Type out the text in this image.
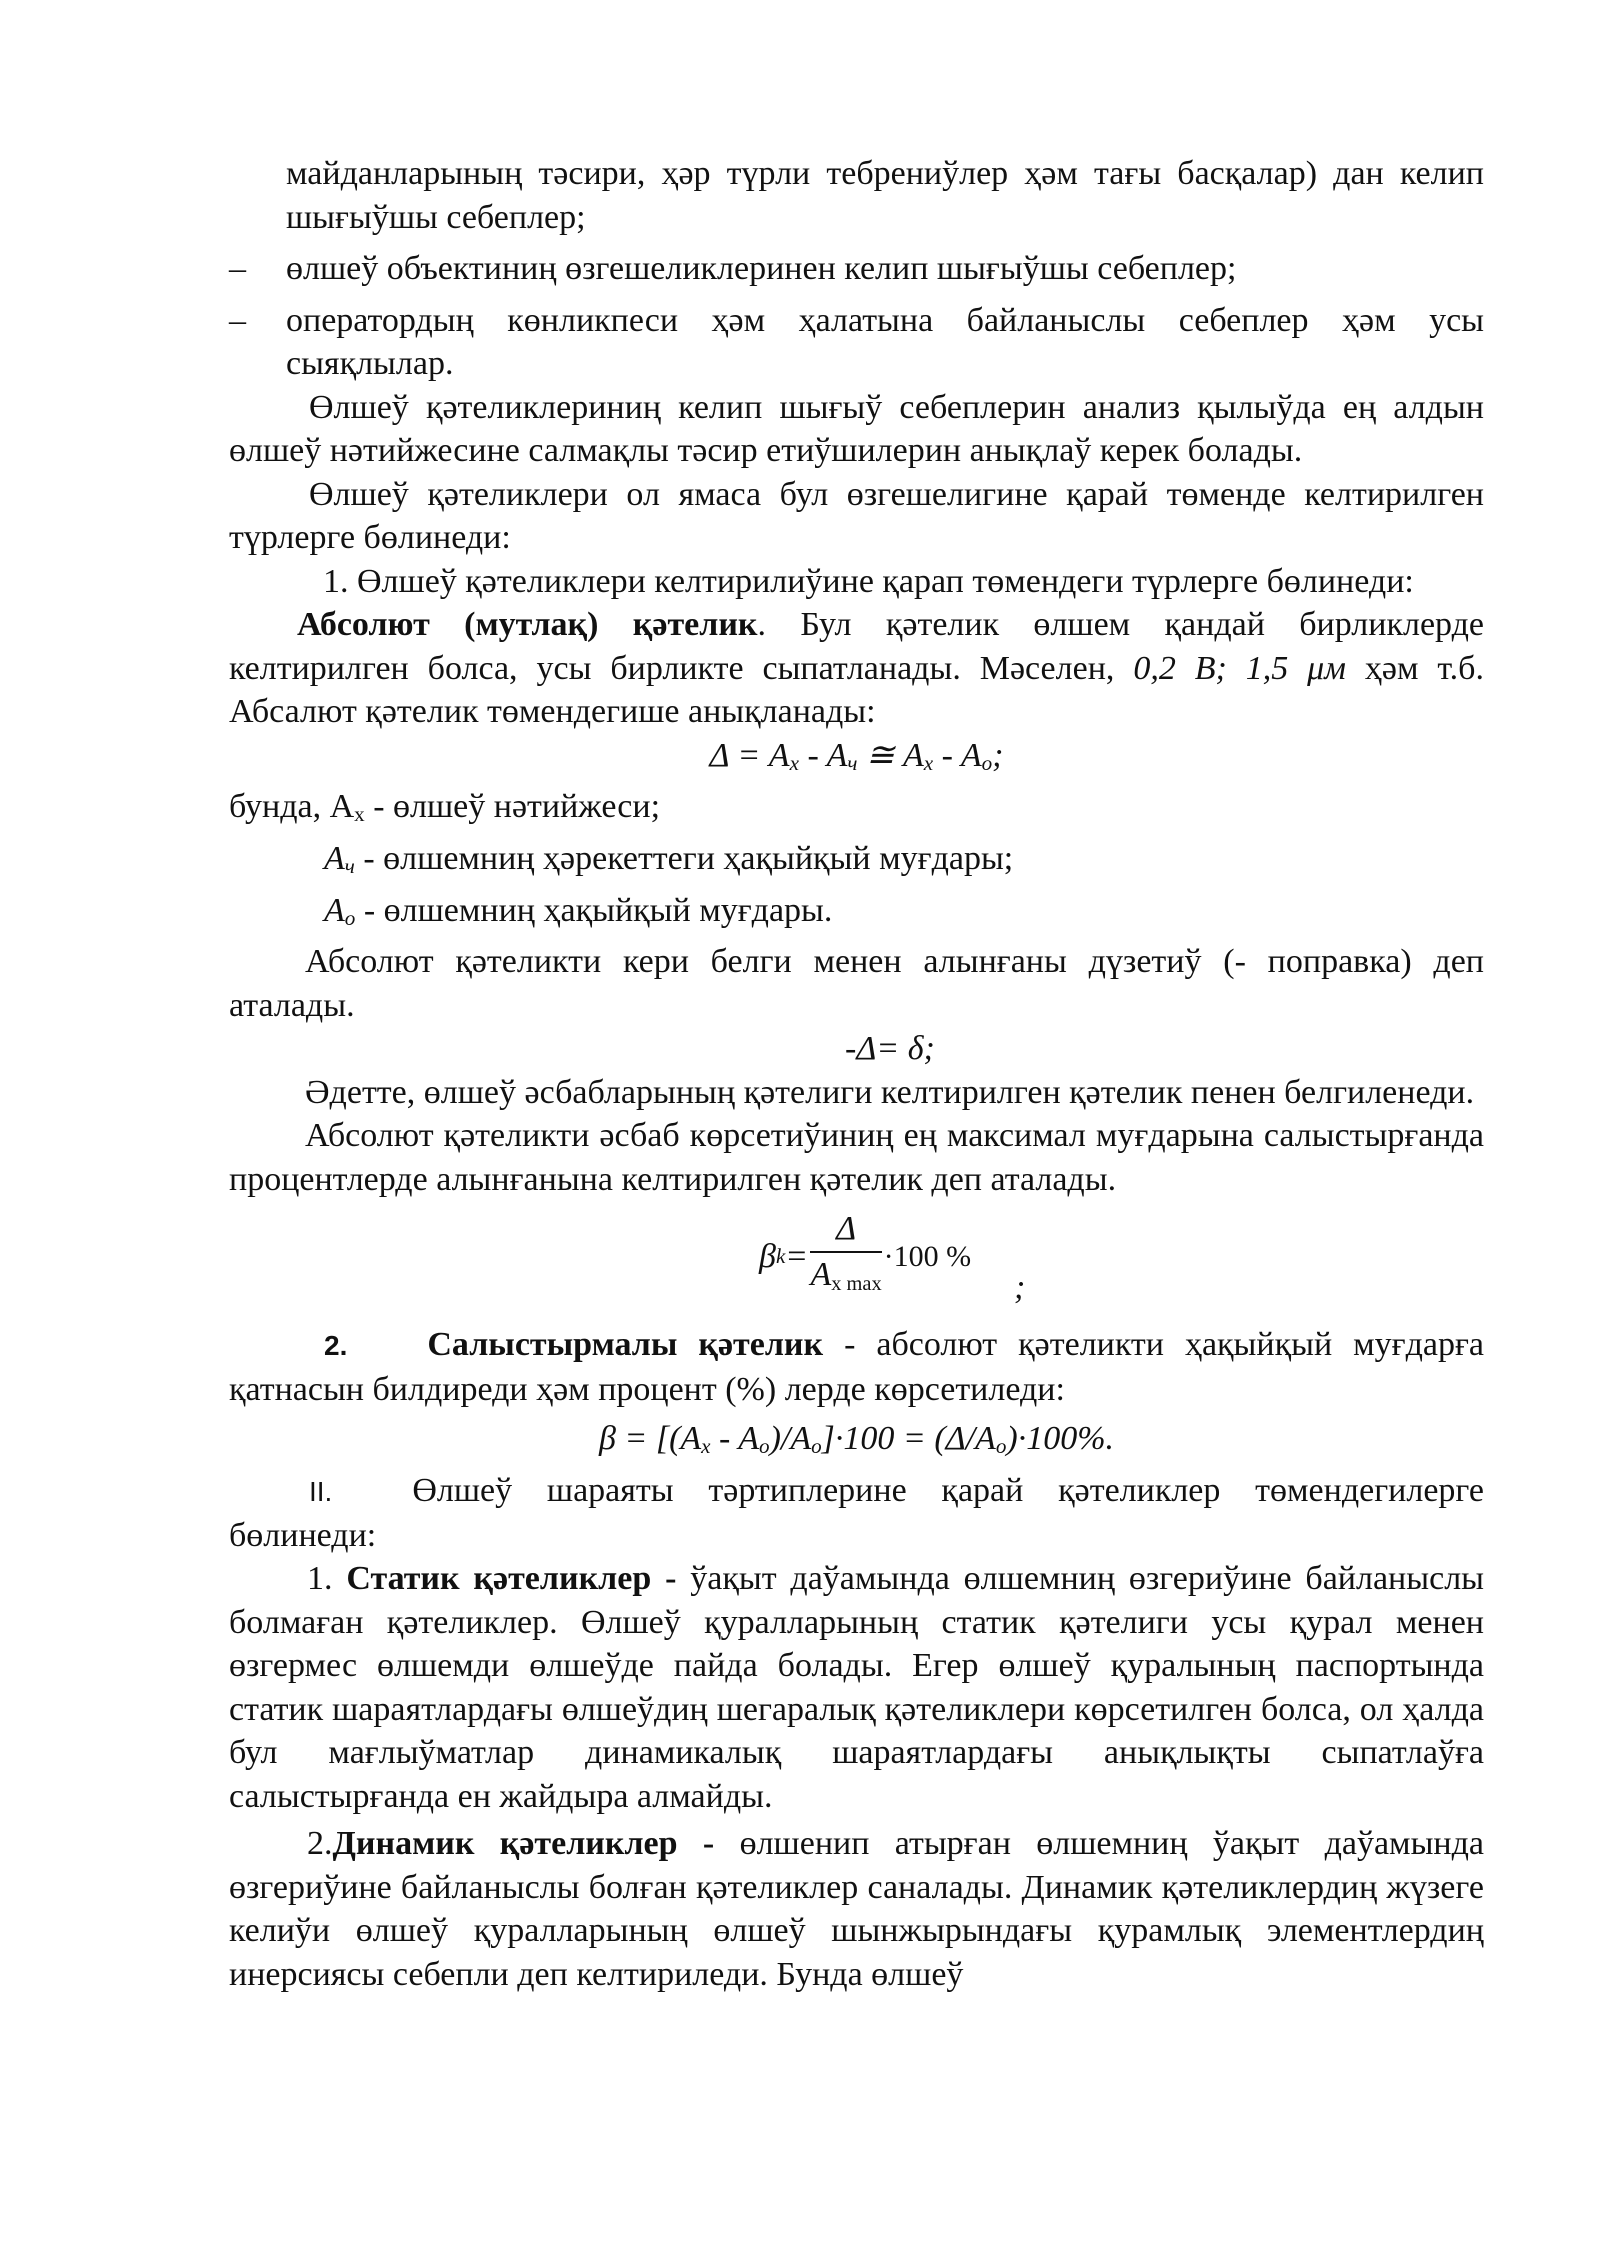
майданларының тәсири, ҳәр түрли тебрениўлер ҳәм тағы басқалар) дан келип шығыўшы себеплер;

– өлшеў объектиниң өзгешеликлеринен келип шығыўшы себеплер;

– оператордың көнликпеси ҳәм ҳалатына байланыслы себеплер ҳәм усы сыяқлылар.

Өлшеў қәтеликлериниң келип шығыў себеплерин анализ қылыўда ең алдын өлшеў нәтийжесине салмақлы тәсир етиўшилерин анықлаў керек болады.

Өлшеў қәтеликлери ол ямаса бул өзгешелигине қарай төменде келтирилген түрлерге бөлинеди:

1. Өлшеў қәтеликлери келтирилиўине қарап төмендеги түрлерге бөлинеди:

Абсолют (мутлақ) қәтелик. Бул қәтелик өлшем қандай бирликлерде келтирилген болса, усы бирликте сыпатланады. Мәселен, 0,2 В; 1,5 μм ҳәм т.б. Абсалют қәтелик төмендегише анықланады:

$\Delta = A_x - A_ч$ ≅ $A_x - A_o$;

бунда, $A_x$ - өлшеў нәтийжеси;

Aч - өлшемниң ҳәрекеттеги ҳақыйқый муғдары;

Ao - өлшемниң ҳақыйқый муғдары.

Абсолют қәтеликти кери белги менен алынғаны дүзетиў (- поправка) деп аталады.

-Δ= δ;

Әдетте, өлшеў әсбабларының қәтелиги келтирилген қәтелик пенен белгиленеди.

Абсолют қәтеликти әсбаб көрсетиўиниң ең максимал муғдарына салыстырғанда процентлерде алынғанына келтирилген қәтелик деп аталады.

β $k = \frac{\Delta}{\text{Ax max}} \cdot 100$ %
;

2. Салыстырмалы қәтелик - абсолют қәтеликти ҳақыйқый муғдарға қатнасын билдиреди ҳәм процент (%) лерде көрсетиледи:

$\beta = [(A_x - A_o)/A_o]\cdot 100 = (\Delta/A_o)\cdot 100\%$.

II. Өлшеў шараяты тәртиплерине қарай қәтеликлер төмендегилерге бөлинеди:

1. Статик қәтеликлер - ўақыт даўамында өлшемниң өзгериўине байланыслы болмаған қәтеликлер. Өлшеў қуралларының статик қәтелиги усы қурал менен өзгермес өлшемди өлшеўде пайда болады. Егер өлшеў қуралының паспортында статик шараятлардағы өлшеўдиң шегаралық қәтеликлери көрсетилген болса, ол ҳалда бул мағлыўматлар динамикалық шараятлардағы анықлықты сыпатлаўға салыстырғанда ен жайдыра алмайды.

2.Динамик қәтеликлер - өлшенип атырған өлшемниң ўақыт даўамында өзгериўине байланыслы болған қәтеликлер саналады. Динамик қәтеликлердиң жүзеге келиўи өлшеў қуралларының өлшеў шынжырындағы қурамлық элементлердиң инерсиясы себепли деп келтириледи. Бунда өлшеў
